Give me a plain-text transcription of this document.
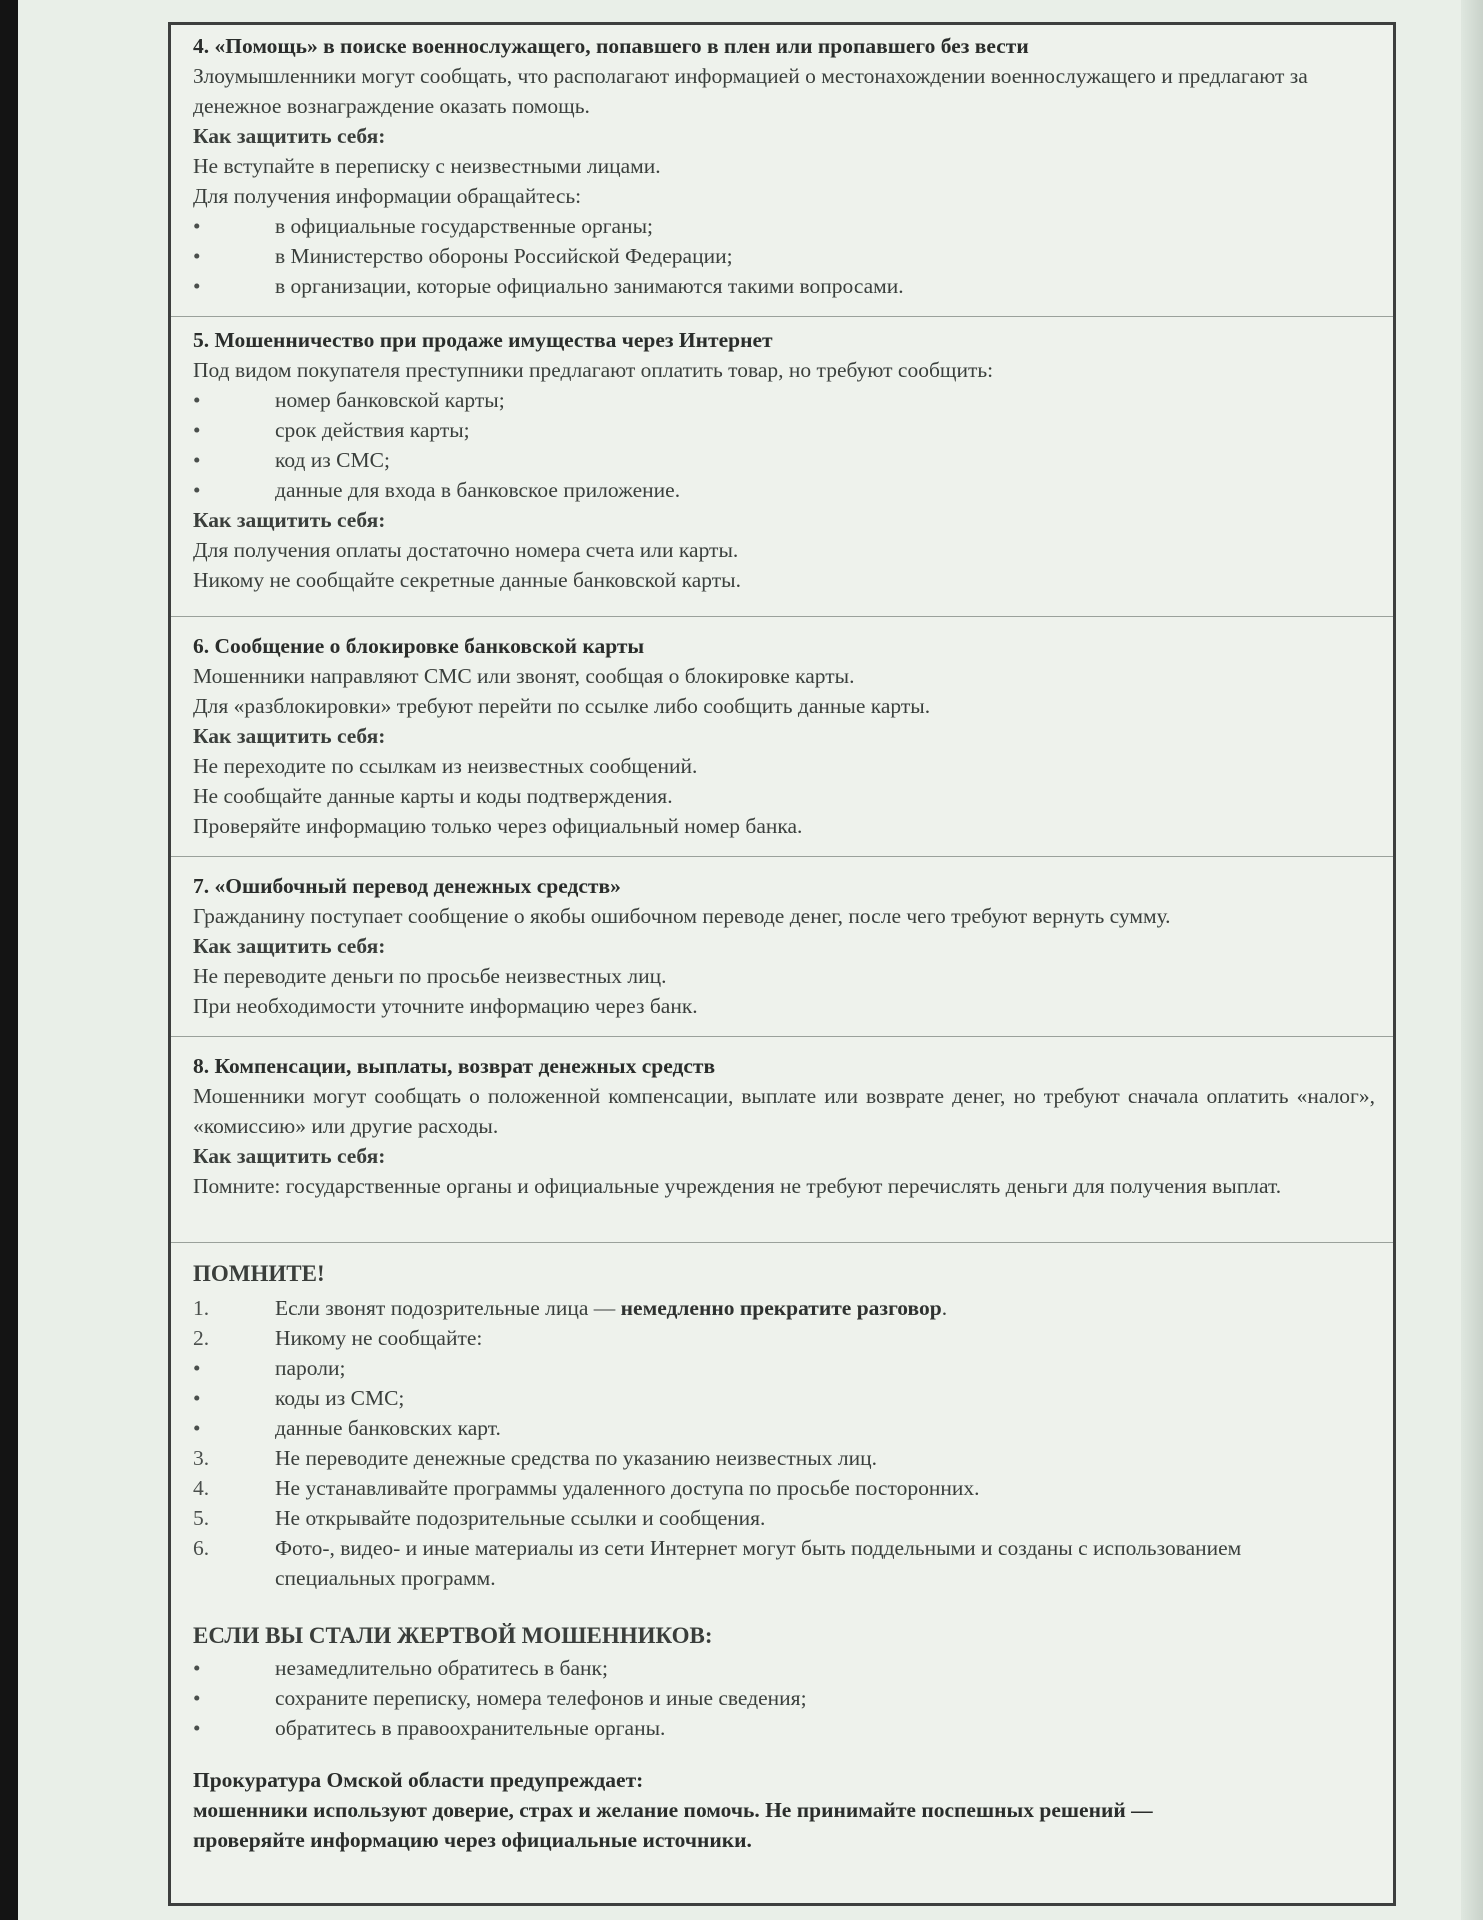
4. «Помощь» в поиске военнослужащего, попавшего в плен или пропавшего без вести

Злоумышленники могут сообщать, что располагают информацией о местонахождении военнослужащего и предлагают за денежное вознаграждение оказать помощь.

Как защитить себя:

Не вступайте в переписку с неизвестными лицами.

Для получения информации обращайтесь:

•	в официальные государственные органы;
•	в Министерство обороны Российской Федерации;
•	в организации, которые официально занимаются такими вопросами.

5. Мошенничество при продаже имущества через Интернет

Под видом покупателя преступники предлагают оплатить товар, но требуют сообщить:

•	номер банковской карты;
•	срок действия карты;
•	код из СМС;
•	данные для входа в банковское приложение.

Как защитить себя:

Для получения оплаты достаточно номера счета или карты.

Никому не сообщайте секретные данные банковской карты.

6. Сообщение о блокировке банковской карты

Мошенники направляют СМС или звонят, сообщая о блокировке карты.

Для «разблокировки» требуют перейти по ссылке либо сообщить данные карты.

Как защитить себя:

Не переходите по ссылкам из неизвестных сообщений.

Не сообщайте данные карты и коды подтверждения.

Проверяйте информацию только через официальный номер банка.

7. «Ошибочный перевод денежных средств»

Гражданину поступает сообщение о якобы ошибочном переводе денег, после чего требуют вернуть сумму.

Как защитить себя:

Не переводите деньги по просьбе неизвестных лиц.

При необходимости уточните информацию через банк.

8. Компенсации, выплаты, возврат денежных средств

Мошенники могут сообщать о положенной компенсации, выплате или возврате денег, но требуют сначала оплатить «налог», «комиссию» или другие расходы.

Как защитить себя:

Помните: государственные органы и официальные учреждения не требуют перечислять деньги для получения выплат.

ПОМНИТЕ!

1.	Если звонят подозрительные лица — немедленно прекратите разговор.
2.	Никому не сообщайте:
•	пароли;
•	коды из СМС;
•	данные банковских карт.
3.	Не переводите денежные средства по указанию неизвестных лиц.
4.	Не устанавливайте программы удаленного доступа по просьбе посторонних.
5.	Не открывайте подозрительные ссылки и сообщения.
6.	Фото-, видео- и иные материалы из сети Интернет могут быть поддельными и созданы с использованием специальных программ.

ЕСЛИ ВЫ СТАЛИ ЖЕРТВОЙ МОШЕННИКОВ:

•	незамедлительно обратитесь в банк;
•	сохраните переписку, номера телефонов и иные сведения;
•	обратитесь в правоохранительные органы.

Прокуратура Омской области предупреждает:

мошенники используют доверие, страх и желание помочь. Не принимайте поспешных решений — проверяйте информацию через официальные источники.
